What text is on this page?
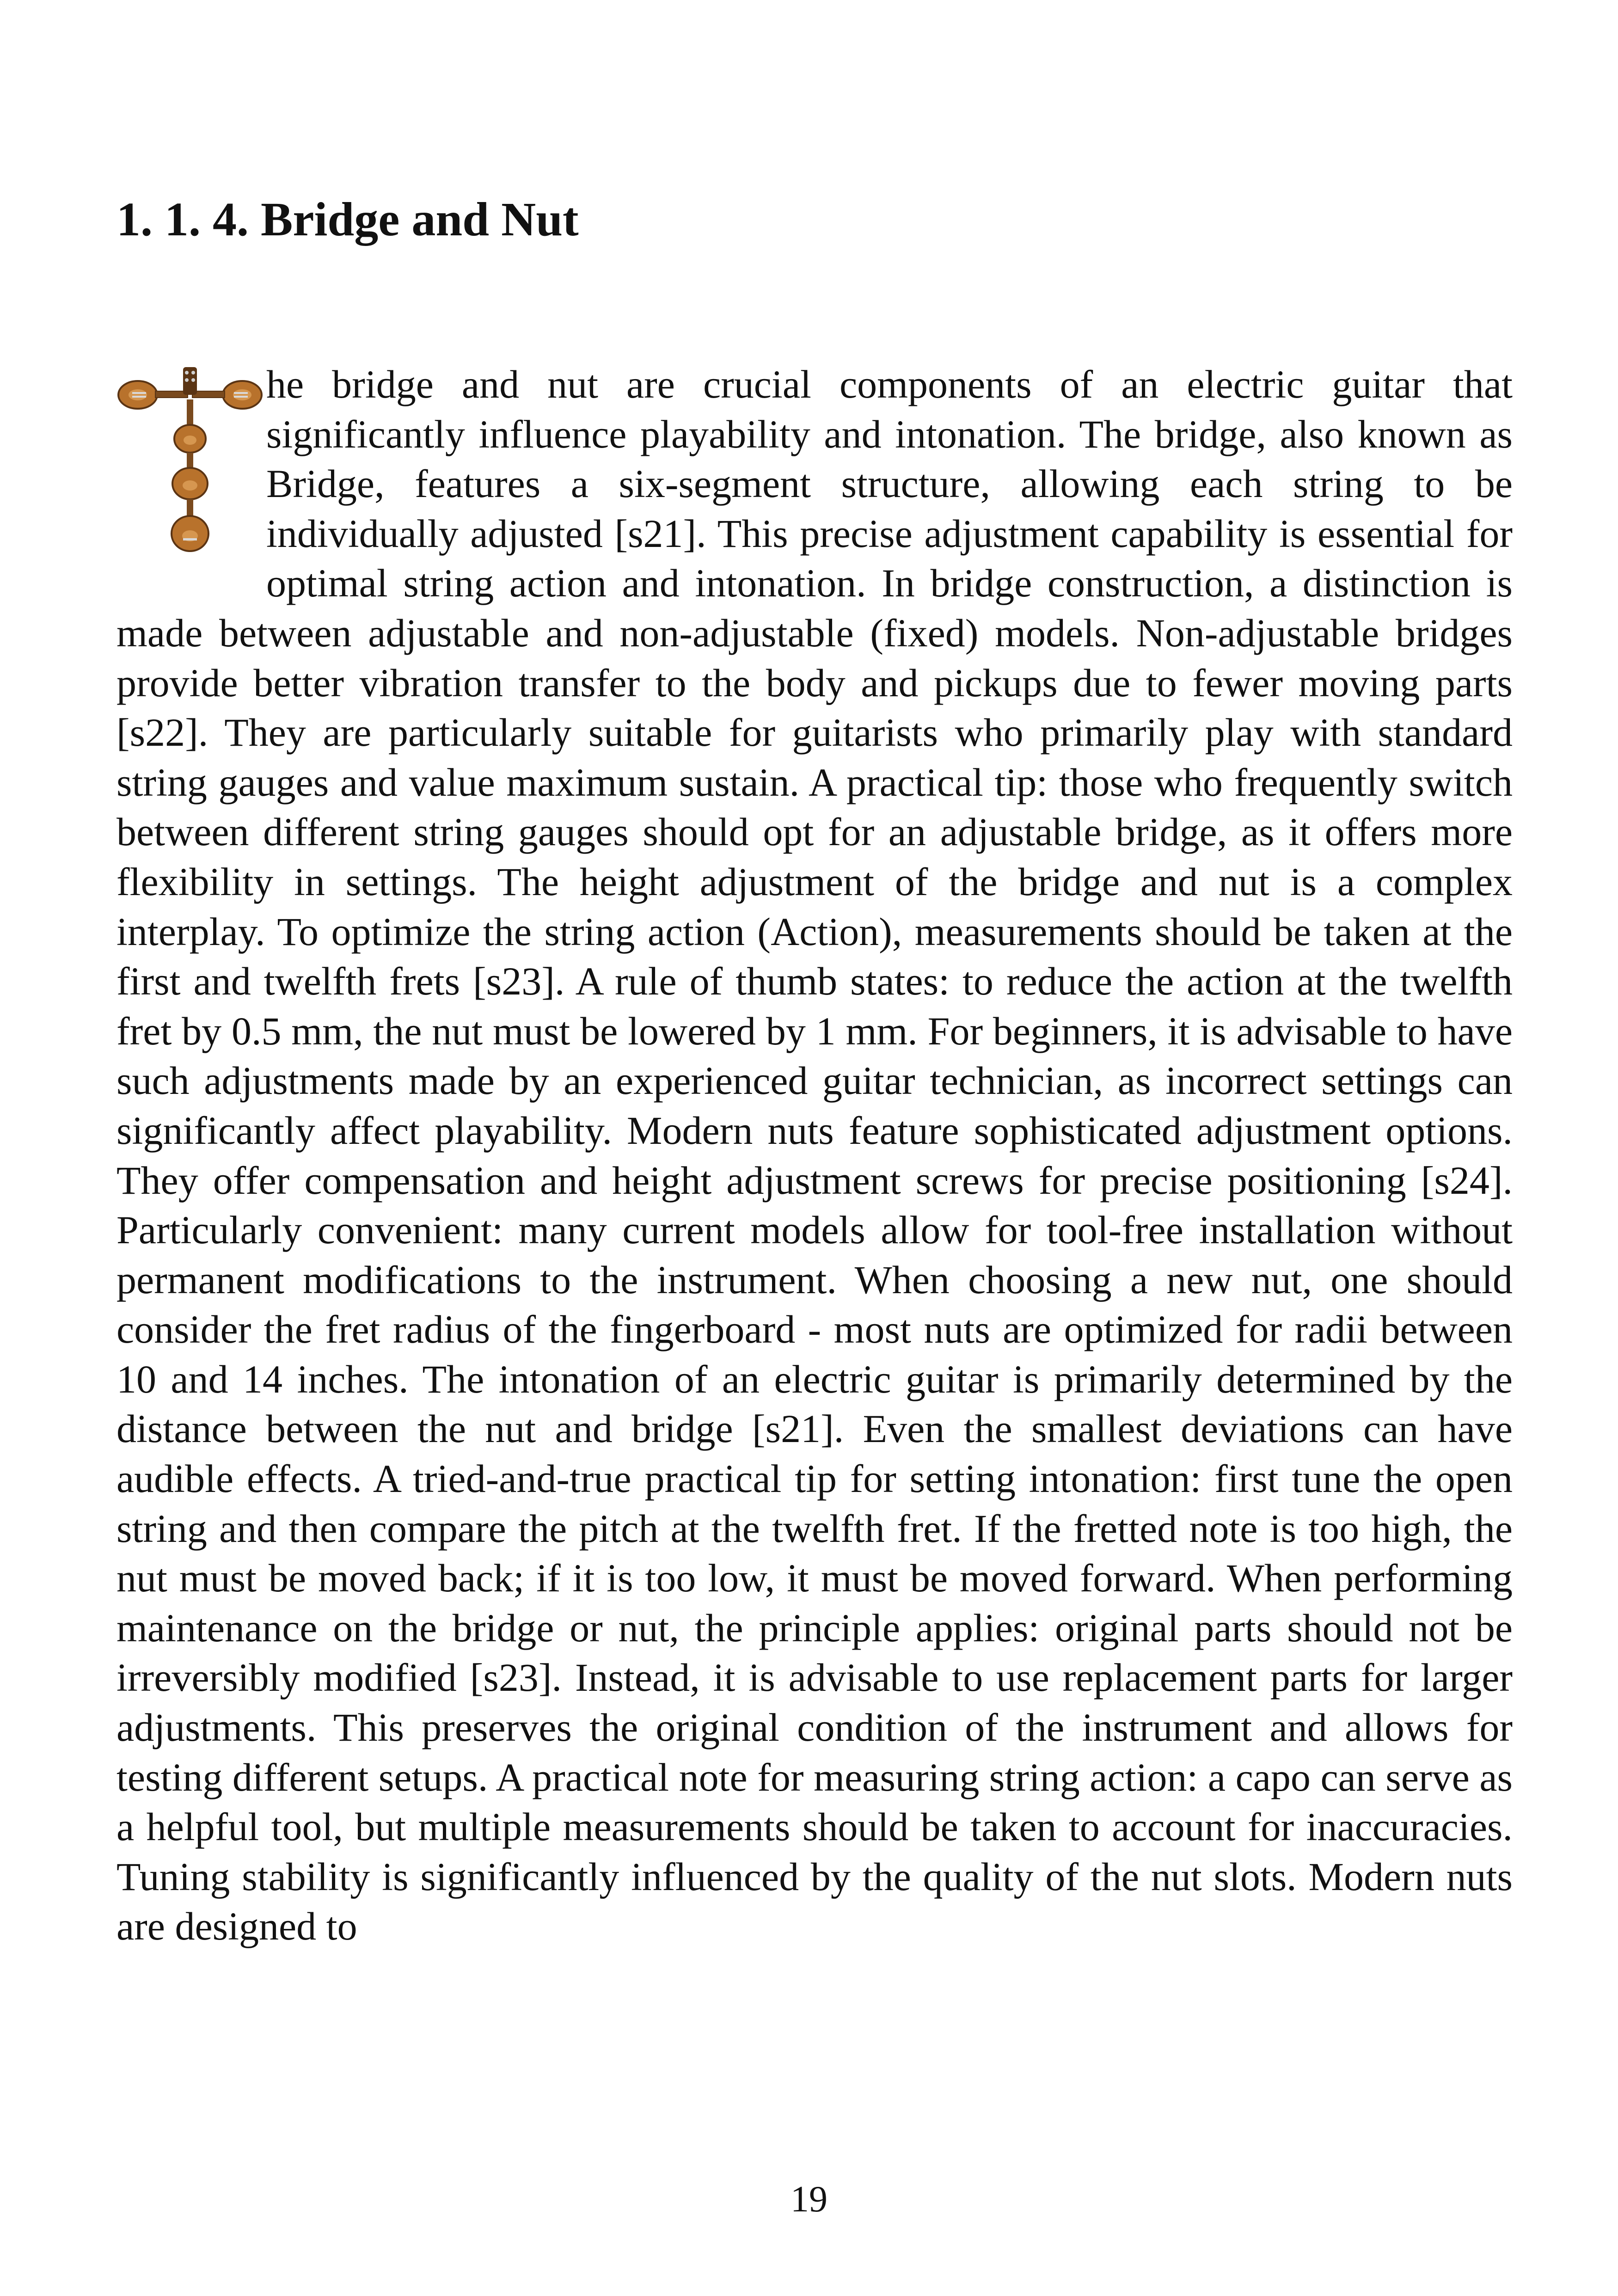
1. 1. 4. Bridge and Nut

he bridge and nut are crucial components of an electric guitar that significantly influence playability and intonation. The bridge, also known as Bridge, features a six-segment structure, allowing each string to be individually adjusted [s21]. This precise adjustment capability is essential for optimal string action and intonation. In bridge construction, a distinction is made between adjustable and non-adjustable (fixed) models. Non-adjustable bridges provide better vibration transfer to the body and pickups due to fewer moving parts [s22]. They are particularly suitable for guitarists who primarily play with standard string gauges and value maximum sustain. A practical tip: those who frequently switch between different string gauges should opt for an adjustable bridge, as it offers more flexibility in settings. The height adjustment of the bridge and nut is a complex interplay. To optimize the string action (Action), measurements should be taken at the first and twelfth frets [s23]. A rule of thumb states: to reduce the action at the twelfth fret by 0.5 mm, the nut must be lowered by 1 mm. For beginners, it is advisable to have such adjustments made by an experienced guitar technician, as incorrect settings can significantly affect playability. Modern nuts feature sophisticated adjustment options. They offer compensation and height adjustment screws for precise positioning [s24]. Particularly convenient: many current models allow for tool-free installation without permanent modifications to the instrument. When choosing a new nut, one should consider the fret radius of the fingerboard - most nuts are optimized for radii between 10 and 14 inches. The intonation of an electric guitar is primarily determined by the distance between the nut and bridge [s21]. Even the smallest deviations can have audible effects. A tried-and-true practical tip for setting intonation: first tune the open string and then compare the pitch at the twelfth fret. If the fretted note is too high, the nut must be moved back; if it is too low, it must be moved forward. When performing maintenance on the bridge or nut, the principle applies: original parts should not be irreversibly modified [s23]. Instead, it is advisable to use replacement parts for larger adjustments. This preserves the original condition of the instrument and allows for testing different setups. A practical note for measuring string action: a capo can serve as a helpful tool, but multiple measurements should be taken to account for inaccuracies. Tuning stability is significantly influenced by the quality of the nut slots. Modern nuts are designed to

19
